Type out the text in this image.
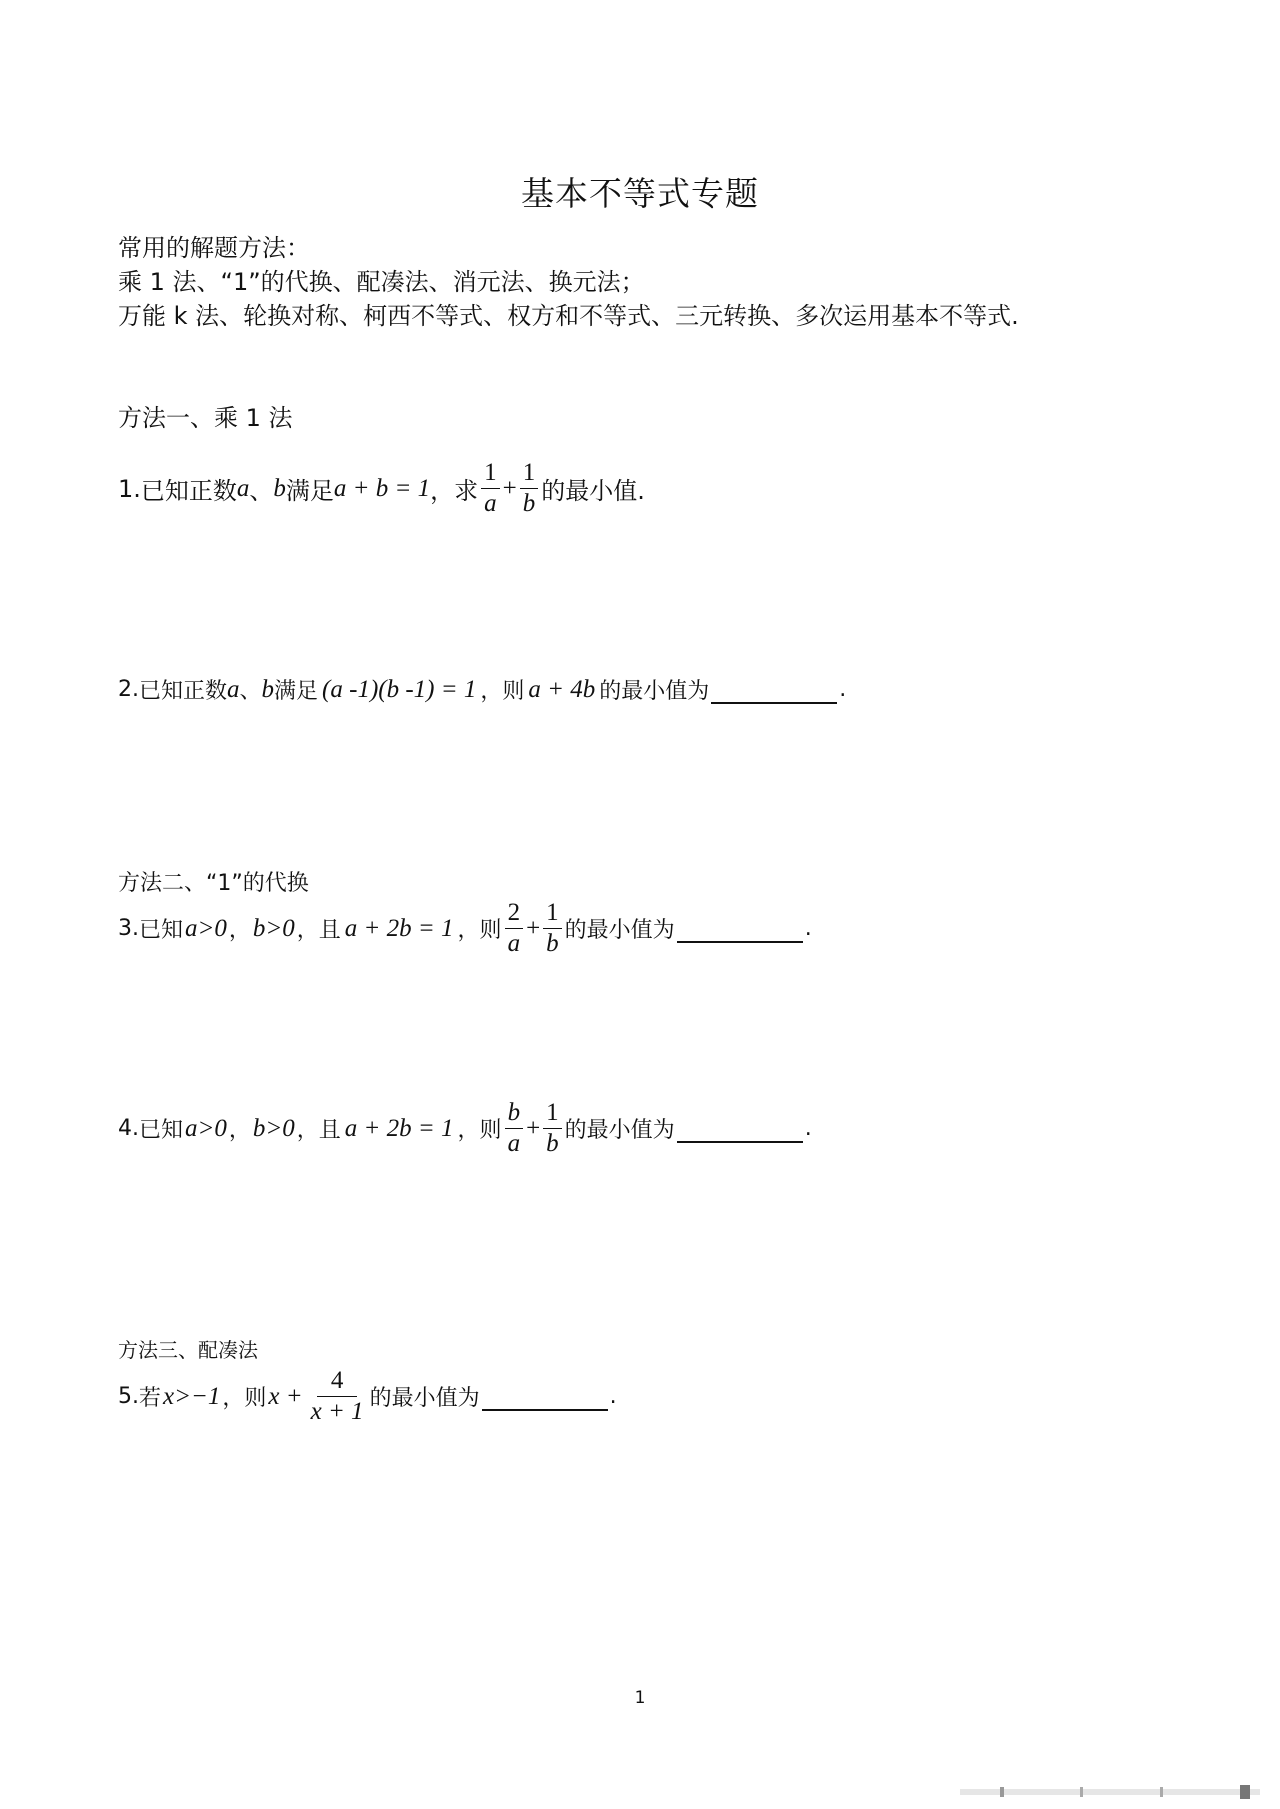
基本不等式专题
常用的解题方法：
乘 1 法、“1”的代换、配凑法、消元法、换元法；
万能 k 法、轮换对称、柯西不等式、权方和不等式、三元转换、多次运用基本不等式.
方法一、乘 1 法
1. 已知正数 a 、 b 满足 a + b = 1 ，求 $\frac{1}{a} + \frac{1}{b}$ 的最小值.
2. 已知正数 a 、 b 满足 (a -1)(b -1) = 1 ，则 a + 4b 的最小值为	.
方法二、“1”的代换
3. 已知 a>0 ， b>0 ，且 a + 2b = 1 ，则 $\frac{2}{a} + \frac{1}{b}$ 的最小值为	.
4. 已知 a>0 ， b>0 ，且 a + 2b = 1 ，则 $\frac{b}{a} + \frac{1}{b}$ 的最小值为	.
方法三、配凑法
5. 若 x>−1 ，则 $x + \frac{4}{x + 1}$ 的最小值为	.
1
